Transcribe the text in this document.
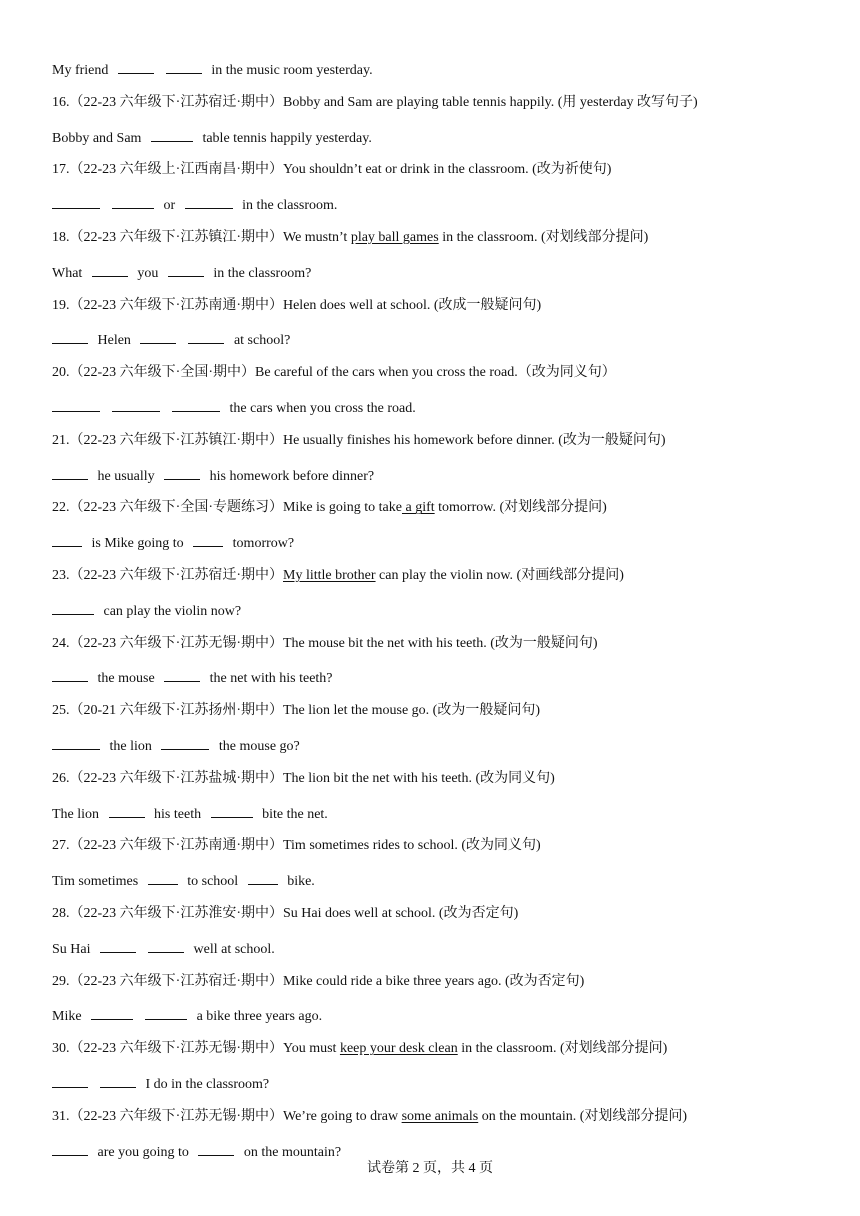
My friend	in the music room yesterday.
16.（22-23 六年级下·江苏宿迁·期中）Bobby and Sam are playing table tennis happily. (用 yesterday 改写句子)
Bobby and Sam	table tennis happily yesterday.
17.（22-23 六年级上·江西南昌·期中）You shouldn’t eat or drink in the classroom. (改为祈使句)
or	in the classroom.
18.（22-23 六年级下·江苏镇江·期中）We mustn’t play ball games in the classroom. (对划线部分提问)
What	you	in the classroom?
19.（22-23 六年级下·江苏南通·期中）Helen does well at school. (改成一般疑问句)
Helen	at school?
20.（22-23 六年级下·全国·期中）Be careful of the cars when you cross the road.（改为同义句）
the cars when you cross the road.
21.（22-23 六年级下·江苏镇江·期中）He usually finishes his homework before dinner. (改为一般疑问句)
he usually	his homework before dinner?
22.（22-23 六年级下·全国·专题练习）Mike is going to take a gift tomorrow. (对划线部分提问)
is Mike going to	tomorrow?
23.（22-23 六年级下·江苏宿迁·期中）My little brother can play the violin now. (对画线部分提问)
can play the violin now?
24.（22-23 六年级下·江苏无锡·期中）The mouse bit the net with his teeth. (改为一般疑问句)
the mouse	the net with his teeth?
25.（20-21 六年级下·江苏扬州·期中）The lion let the mouse go. (改为一般疑问句)
the lion	the mouse go?
26.（22-23 六年级下·江苏盐城·期中）The lion bit the net with his teeth. (改为同义句)
The lion	his teeth	bite the net.
27.（22-23 六年级下·江苏南通·期中）Tim sometimes rides to school. (改为同义句)
Tim sometimes	to school	bike.
28.（22-23 六年级下·江苏淮安·期中）Su Hai does well at school. (改为否定句)
Su Hai	well at school.
29.（22-23 六年级下·江苏宿迁·期中）Mike could ride a bike three years ago. (改为否定句)
Mike	a bike three years ago.
30.（22-23 六年级下·江苏无锡·期中）You must keep your desk clean in the classroom. (对划线部分提问)
I do in the classroom?
31.（22-23 六年级下·江苏无锡·期中）We’re going to draw some animals on the mountain. (对划线部分提问)
are you going to	on the mountain?
试卷第 2 页，共 4 页
